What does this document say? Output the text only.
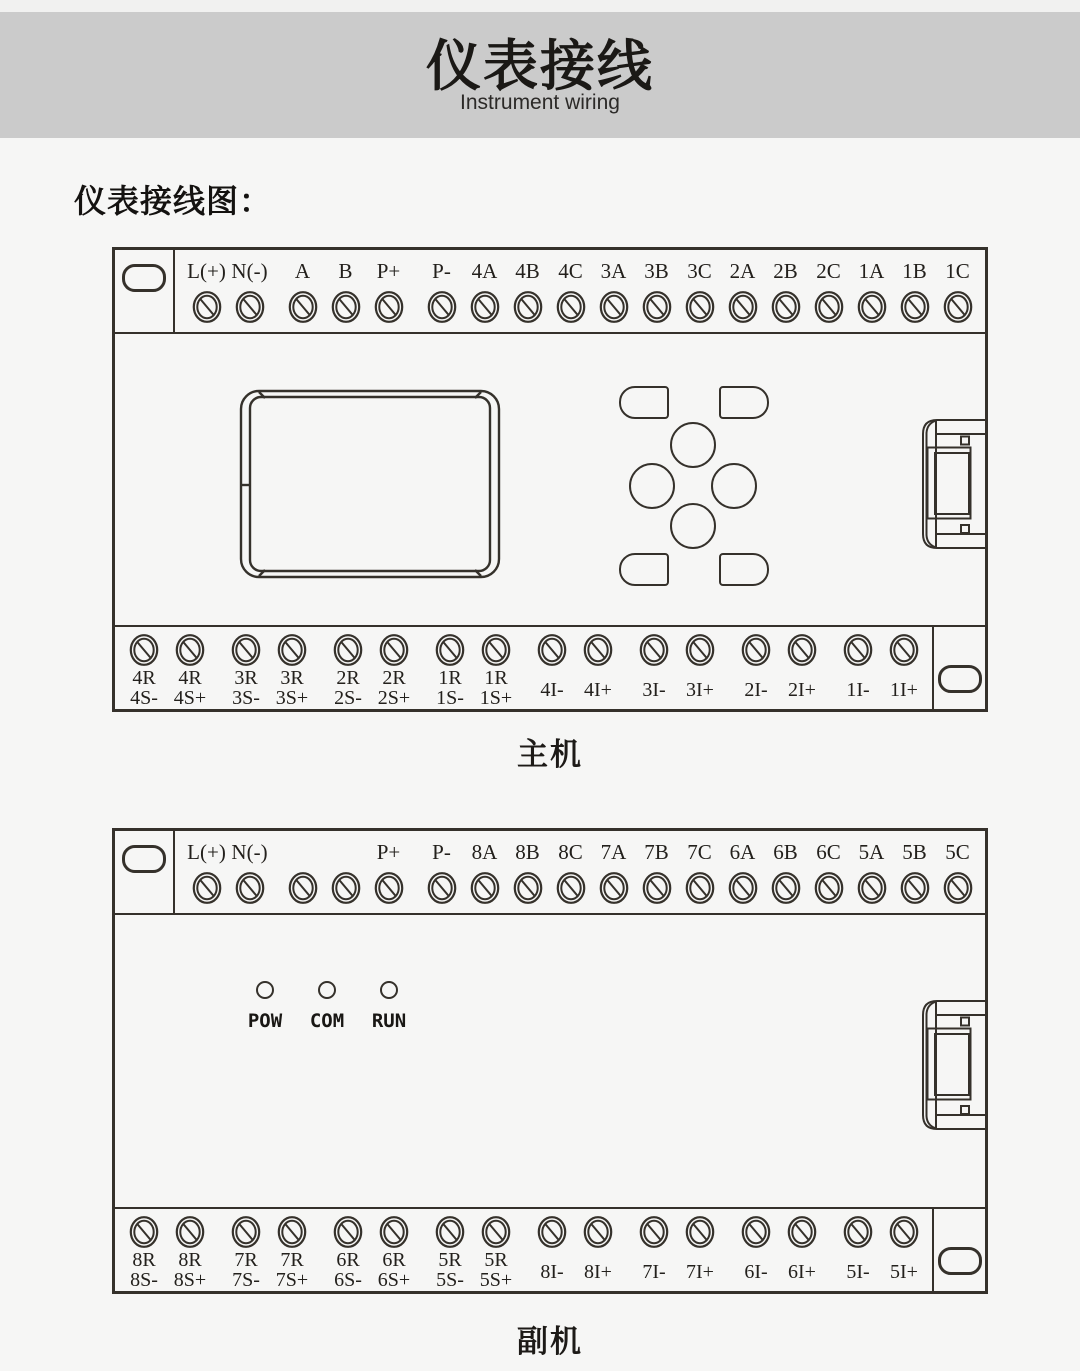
仪表接线
Instrument wiring
仪表接线图：
L(+) N(-) A B P+ P- 4A 4B 4C 3A 3B 3C 2A 2B 2C 1A 1B 1C
4R
4S-
4R
4S+
3R
3S-
3R
3S+
2R
2S-
2R
2S+
1R
1S-
1R
1S+ 4I- 4I+ 3I- 3I+ 2I- 2I+ 1I- 1I+
主机
L(+) N(-)	P+ P- 8A 8B 8C 7A 7B 7C 6A 6B 6C 5A 5B 5C
POW COM RUN
8R
8S-
8R
8S+
7R
7S-
7R
7S+
6R
6S-
6R
6S+
5R
5S-
5R
5S+ 8I- 8I+ 7I- 7I+ 6I- 6I+ 5I- 5I+
副机
